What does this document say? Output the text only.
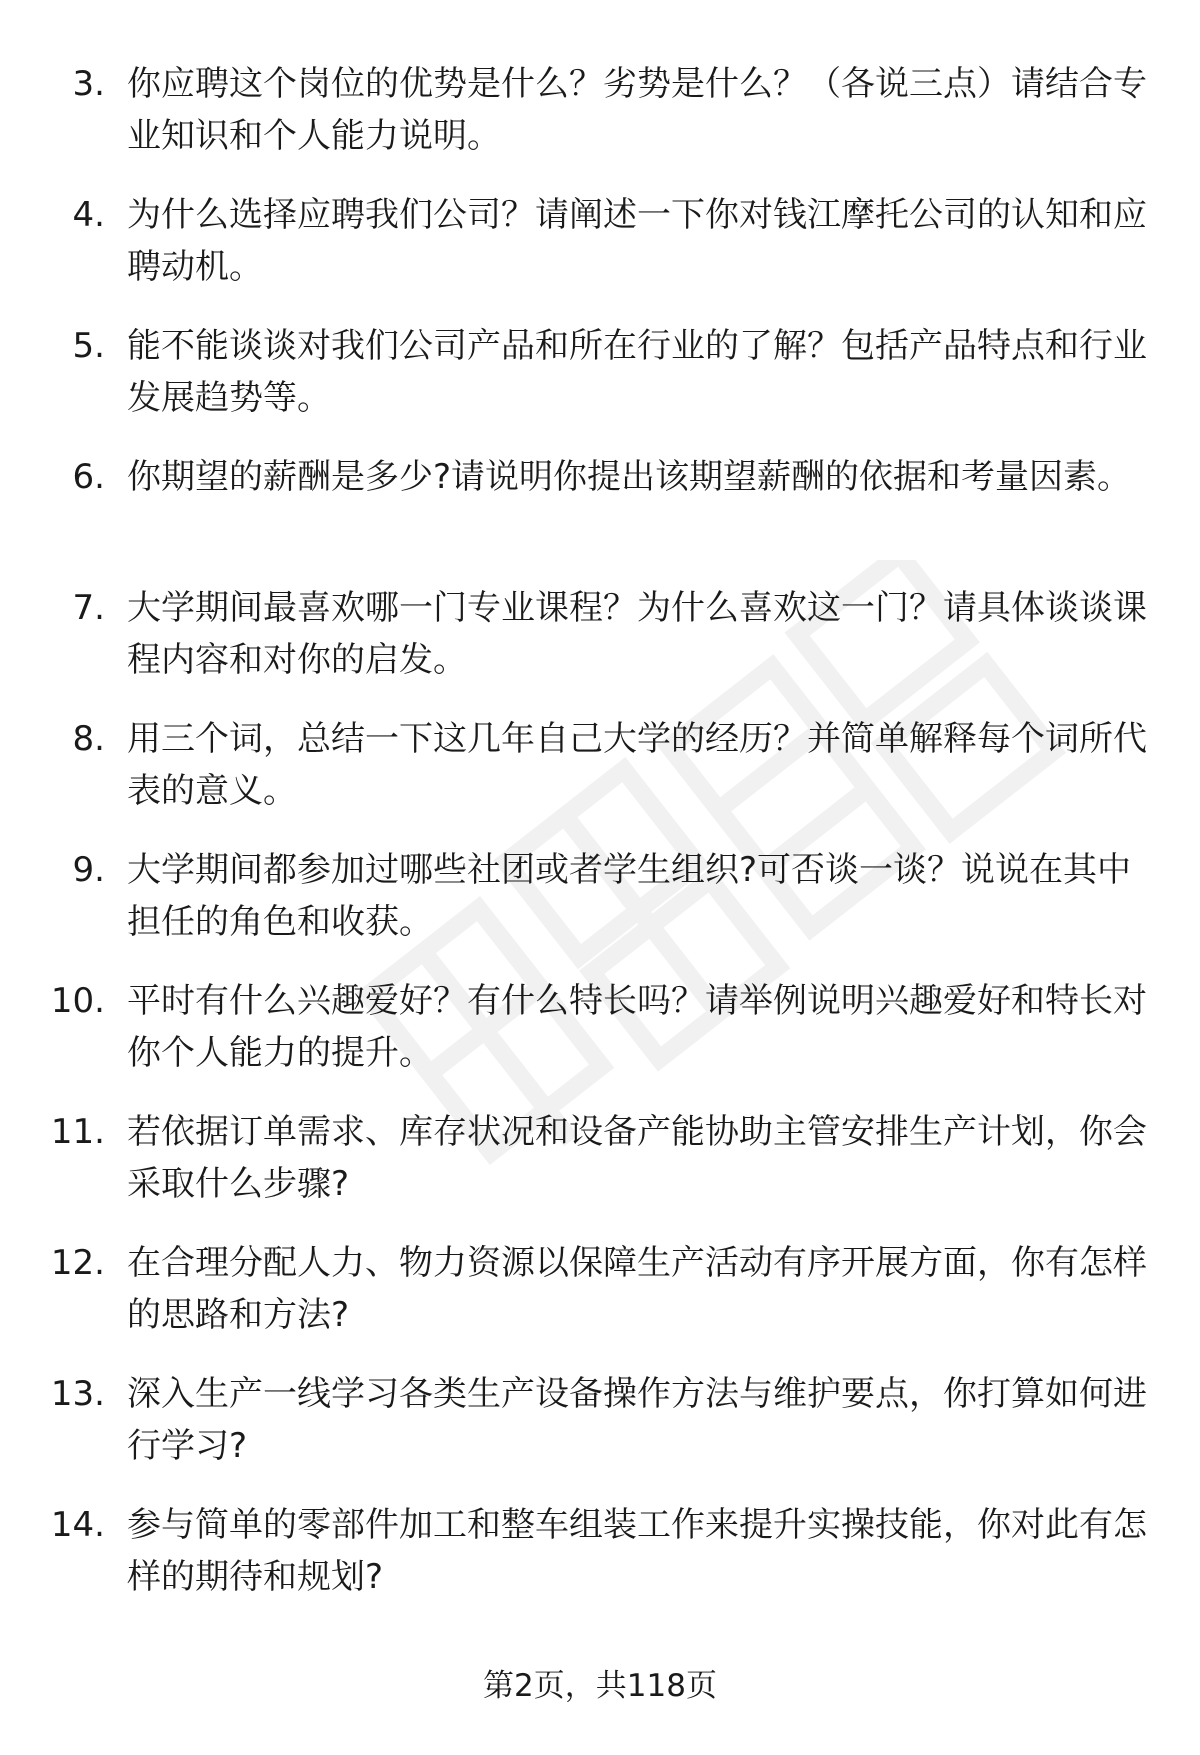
3. 你应聘这个岗位的优势是什么？劣势是什么？（各说三点）请结合专业知识和个人能力说明。
4. 为什么选择应聘我们公司？请阐述一下你对钱江摩托公司的认知和应聘动机。
5. 能不能谈谈对我们公司产品和所在行业的了解？包括产品特点和行业发展趋势等。
6. 你期望的薪酬是多少?请说明你提出该期望薪酬的依据和考量因素。
7. 大学期间最喜欢哪一门专业课程？为什么喜欢这一门？请具体谈谈课程内容和对你的启发。
8. 用三个词，总结一下这几年自己大学的经历？并简单解释每个词所代表的意义。
9. 大学期间都参加过哪些社团或者学生组织?可否谈一谈？说说在其中担任的角色和收获。
10. 平时有什么兴趣爱好？有什么特长吗？请举例说明兴趣爱好和特长对你个人能力的提升。
11. 若依据订单需求、库存状况和设备产能协助主管安排生产计划，你会采取什么步骤?
12. 在合理分配人力、物力资源以保障生产活动有序开展方面，你有怎样的思路和方法?
13. 深入生产一线学习各类生产设备操作方法与维护要点，你打算如何进行学习?
14. 参与简单的零部件加工和整车组装工作来提升实操技能，你对此有怎样的期待和规划?
第2页，共118页
